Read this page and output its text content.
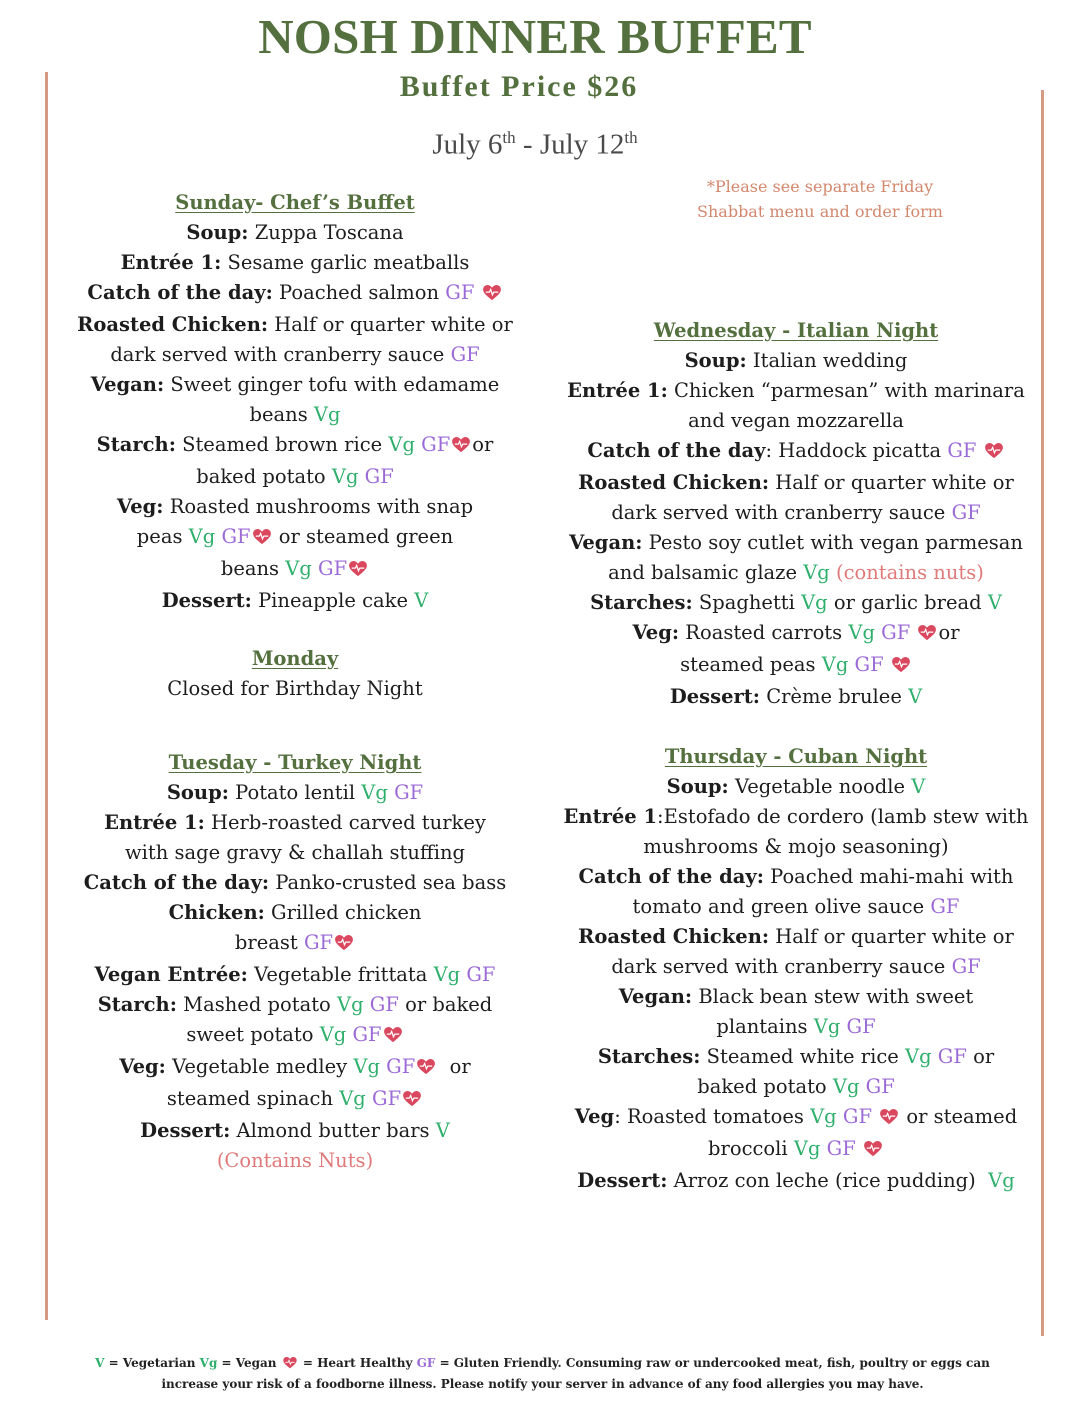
NOSH DINNER BUFFET
Buffet Price $26
July 6th - July 12th
*Please see separate Friday
Shabbat menu and order form
Sunday- Chef’s Buffet
Soup: Zuppa Toscana
Entrée 1: Sesame garlic meatballs
Catch of the day: Poached salmon GF
Roasted Chicken: Half or quarter white or
dark served with cranberry sauce GF
Vegan: Sweet ginger tofu with edamame
beans Vg
Starch: Steamed brown rice Vg GF or
baked potato Vg GF
Veg: Roasted mushrooms with snap
peas Vg GF or steamed green
beans Vg GF
Dessert: Pineapple cake V
Monday
Closed for Birthday Night
Tuesday - Turkey Night
Soup: Potato lentil Vg GF
Entrée 1: Herb-roasted carved turkey
with sage gravy & challah stuffing
Catch of the day: Panko-crusted sea bass
Chicken: Grilled chicken
breast GF
Vegan Entrée: Vegetable frittata Vg GF
Starch: Mashed potato Vg GF or baked
sweet potato Vg GF
Veg: Vegetable medley Vg GF or
steamed spinach Vg GF
Dessert: Almond butter bars V
(Contains Nuts)
Wednesday - Italian Night
Soup: Italian wedding
Entrée 1: Chicken “parmesan” with marinara
and vegan mozzarella
Catch of the day: Haddock picatta GF
Roasted Chicken: Half or quarter white or
dark served with cranberry sauce GF
Vegan: Pesto soy cutlet with vegan parmesan
and balsamic glaze Vg (contains nuts)
Starches: Spaghetti Vg or garlic bread V
Veg: Roasted carrots Vg GF or
steamed peas Vg GF
Dessert: Crème brulee V
Thursday - Cuban Night
Soup: Vegetable noodle V
Entrée 1:Estofado de cordero (lamb stew with
mushrooms & mojo seasoning)
Catch of the day: Poached mahi-mahi with
tomato and green olive sauce GF
Roasted Chicken: Half or quarter white or
dark served with cranberry sauce GF
Vegan: Black bean stew with sweet
plantains Vg GF
Starches: Steamed white rice Vg GF or
baked potato Vg GF
Veg: Roasted tomatoes Vg GF or steamed
broccoli Vg GF
Dessert: Arroz con leche (rice pudding) Vg
V = Vegetarian Vg = Vegan  = Heart Healthy GF = Gluten Friendly. Consuming raw or undercooked meat, fish, poultry or eggs can
increase your risk of a foodborne illness. Please notify your server in advance of any food allergies you may have.
